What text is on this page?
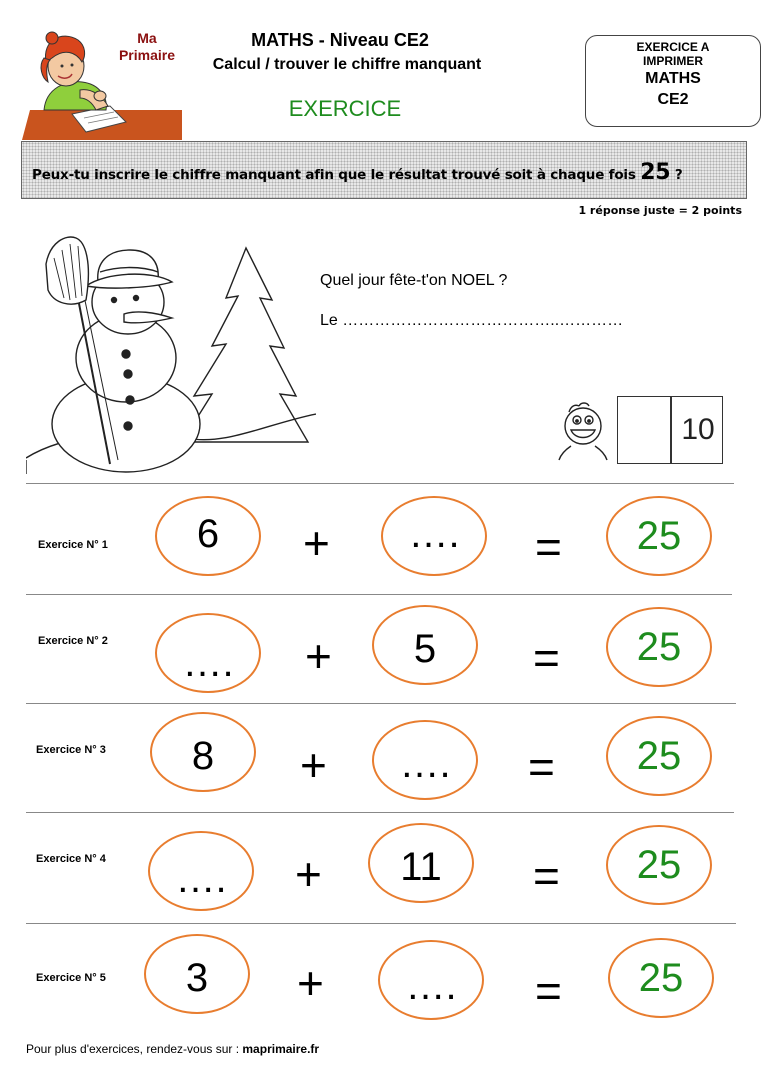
Ma
Primaire
MATHS - Niveau CE2
Calcul / trouver le chiffre manquant
EXERCICE
EXERCICE A
IMPRIMER
MATHS
CE2
Peux-tu inscrire le chiffre manquant afin que le résultat trouvé soit à chaque fois 25 ?
1 réponse juste = 2 points
Quel jour fête-t'on NOEL ?
Le …………………………………..…………
10
Exercice N° 1	6	+	….	=	25
Exercice N° 2	….	+	5	=	25
Exercice N° 3	8	+	….	=	25
Exercice N° 4	….	+	11	=	25
Exercice N° 5	3	+	….	=	25
Pour plus d'exercices, rendez-vous sur : maprimaire.fr
